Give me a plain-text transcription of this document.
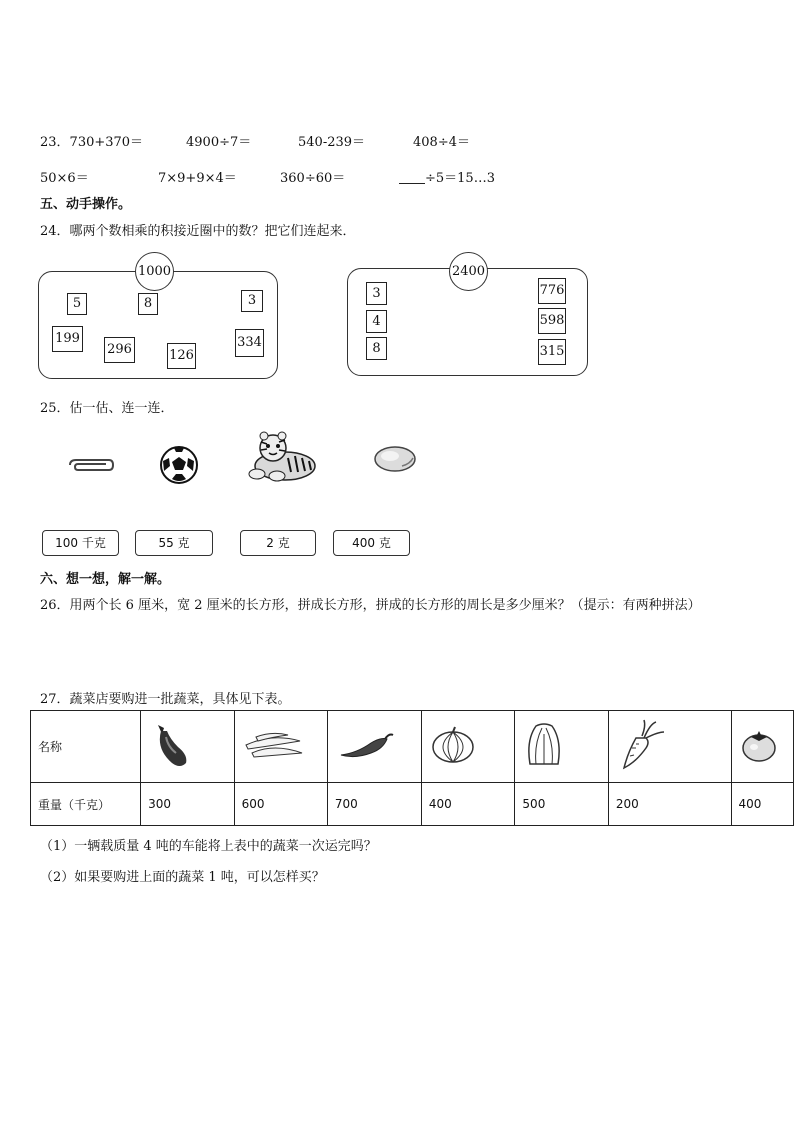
23．730+370＝	4900÷7＝	540-239＝	408÷4＝
50×6＝	7×9+9×4＝	360÷60＝	÷5＝15…3
五、动手操作。
24．哪两个数相乘的积接近圈中的数？把它们连起来．
1000
5	8	3
199
296	126
334
2400
3
4
8
776
598
315
25．估一估、连一连．
100 千克	55 克	2 克	400 克
六、想一想，解一解。
26．用两个长 6 厘米，宽 2 厘米的长方形，拼成长方形，拼成的长方形的周长是多少厘米？（提示：有两种拼法）
27．蔬菜店要购进一批蔬菜，具体见下表。
名称							
重量（千克）	300	600	700	400	500	200	400
（1）一辆载质量 4 吨的车能将上表中的蔬菜一次运完吗？
（2）如果要购进上面的蔬菜 1 吨，可以怎样买？
